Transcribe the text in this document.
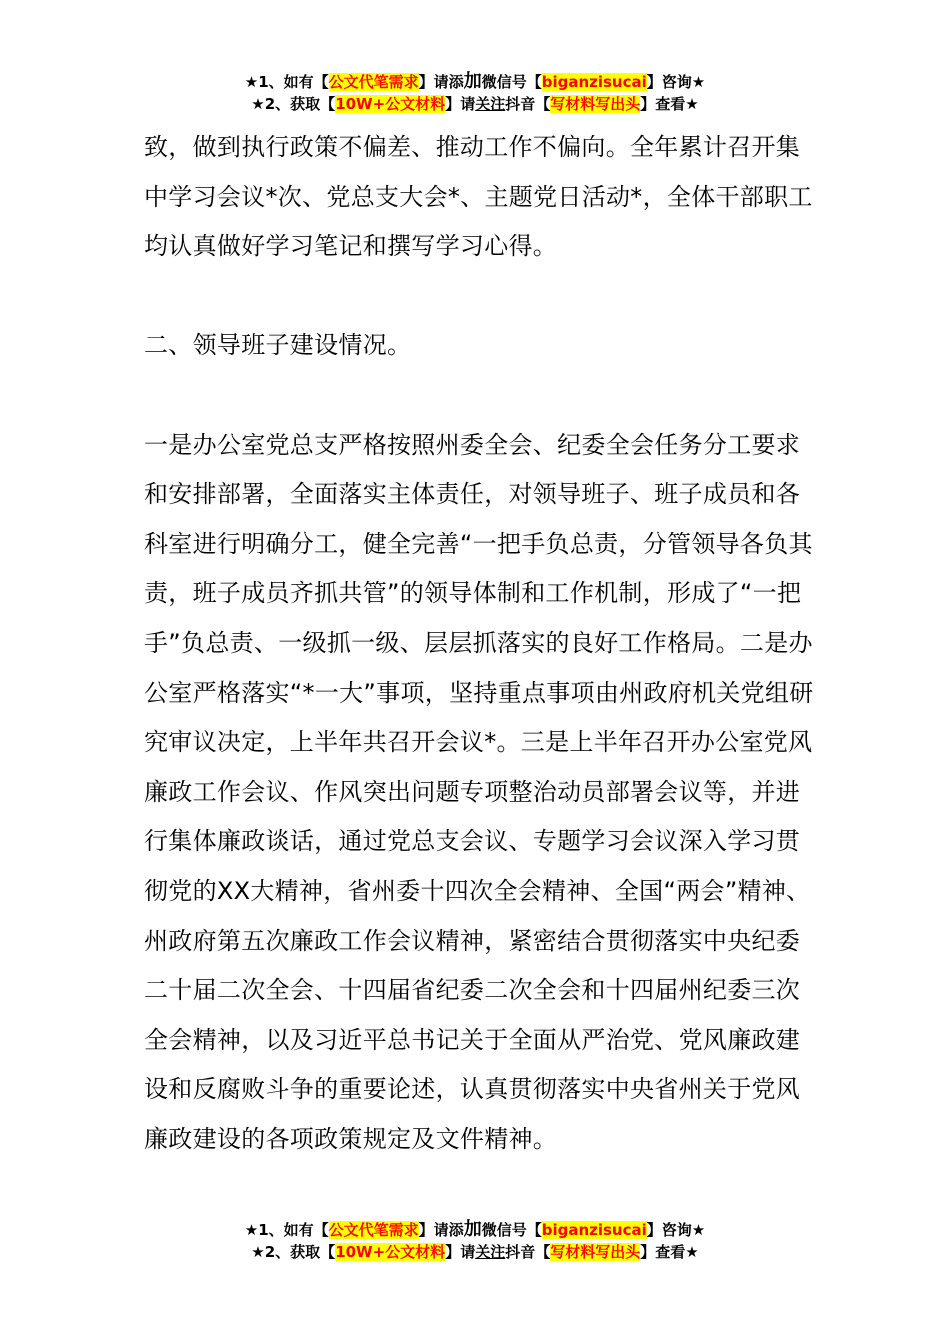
★1、如有【公文代笔需求】请添加微信号【biganzisucai】咨询★
★2、获取【10W+公文材料】请关注抖音【写材料写出头】查看★

致，做到执行政策不偏差、推动工作不偏向。全年累计召开集中学习会议*次、党总支大会*、主题党日活动*，全体干部职工均认真做好学习笔记和撰写学习心得。

二、领导班子建设情况。

一是办公室党总支严格按照州委全会、纪委全会任务分工要求和安排部署，全面落实主体责任，对领导班子、班子成员和各科室进行明确分工，健全完善“一把手负总责，分管领导各负其责，班子成员齐抓共管”的领导体制和工作机制，形成了“一把手”负总责、一级抓一级、层层抓落实的良好工作格局。二是办公室严格落实“*一大”事项，坚持重点事项由州政府机关党组研究审议决定，上半年共召开会议*。三是上半年召开办公室党风廉政工作会议、作风突出问题专项整治动员部署会议等，并进行集体廉政谈话，通过党总支会议、专题学习会议深入学习贯彻党的XX大精神，省州委十四次全会精神、全国“两会”精神、州政府第五次廉政工作会议精神，紧密结合贯彻落实中央纪委二十届二次全会、十四届省纪委二次全会和十四届州纪委三次全会精神，以及习近平总书记关于全面从严治党、党风廉政建设和反腐败斗争的重要论述，认真贯彻落实中央省州关于党风廉政建设的各项政策规定及文件精神。

★1、如有【公文代笔需求】请添加微信号【biganzisucai】咨询★
★2、获取【10W+公文材料】请关注抖音【写材料写出头】查看★
